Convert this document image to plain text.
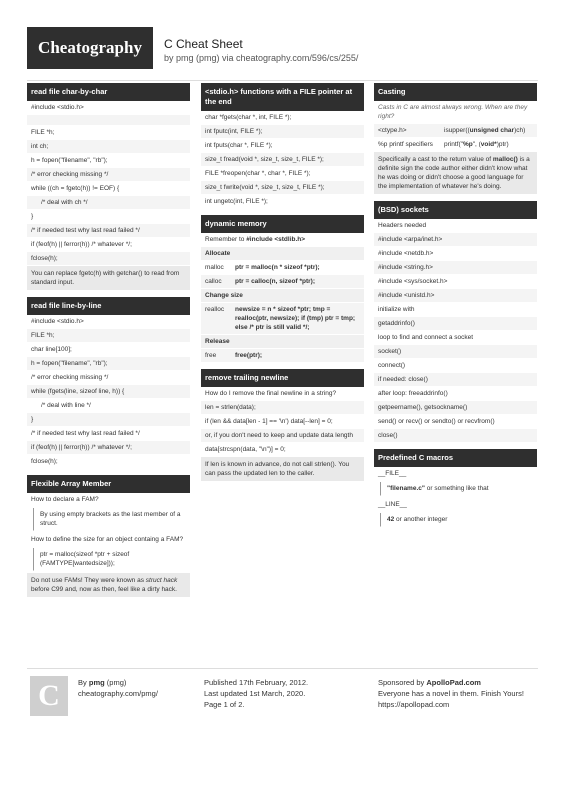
Cheatography	C Cheat Sheet
by pmg (pmg) via cheatography.com/596/cs/255/
read file char-by-char
#include <stdio.h>
FILE *h;
int ch;
h = fopen("filename", "rb");
/* error checking missing */
while ((ch = fgetc(h)) != EOF) {
/* deal with ch */
}
/* if needed test why last read failed */
if (feof(h) || ferror(h)) /* whatever */;
fclose(h);
You can replace fgetc(h) with getchar() to read from standard input.
read file line-by-line
#include <stdio.h>
FILE *h;
char line[100];
h = fopen("filename", "rb");
/* error checking missing */
while (fgets(line, sizeof line, h)) {
/* deal with line */
}
/* if needed test why last read failed */
if (feof(h) || ferror(h)) /* whatever */;
fclose(h);
Flexible Array Member
How to declare a FAM?
By using empty brackets as the last member of a struct.
How to define the size for an object containg a FAM?
ptr = malloc(sizeof *ptr + sizeof (FAMTYPE[wantedsize]));
Do not use FAMs! They were known as struct hack before C99 and, now as then, feel like a dirty hack.
<stdio.h> functions with a FILE pointer at the end
char *fgets(char *, int, FILE *);
int fputc(int, FILE *);
int fputs(char *, FILE *);
size_t fread(void *, size_t, size_t, FILE *);
FILE *freopen(char *, char *, FILE *);
size_t fwrite(void *, size_t, size_t, FILE *);
int ungetc(int, FILE *);
dynamic memory
Remember to #include <stdlib.h>
Allocate
malloc	ptr = malloc(n * sizeof *ptr);
calloc	ptr = calloc(n, sizeof *ptr);
Change size
realloc	newsize = n * sizeof *ptr; tmp = realloc(ptr, newsize); if (tmp) ptr = tmp; else /* ptr is still valid */;
Release
free	free(ptr);
remove trailing newline
How do I remove the final newline in a string?
len = strlen(data);
if (len && data[len - 1] == '\n') data[--len] = 0;
or, if you don't need to keep and update data length
data[strcspn(data, "\n")] = 0;
If len is known in advance, do not call strlen(). You can pass the updated len to the caller.
Casting
Casts in C are almost always wrong. When are they right?
<ctype.h>	isupper((unsigned char)ch)
%p printf specifiers	printf("%p", (void*)ptr)
Specifically a cast to the return value of malloc() is a definite sign the code author either didn't know what he was doing or didn't choose a good language for the implementation of whatever he's doing.
(BSD) sockets
Headers needed
#include <arpa/inet.h>
#include <netdb.h>
#include <string.h>
#include <sys/socket.h>
#include <unistd.h>
initialize with
getaddrinfo()
loop to find and connect a socket
socket()
connect()
if needed: close()
after loop: freeaddrinfo()
getpeername(), getsockname()
send() or recv() or sendto() or recvfrom()
close()
Predefined C macros
__FILE__
"filename.c" or something like that
__LINE__
42 or another integer
C	By pmg (pmg)
cheatography.com/pmg/
Published 17th February, 2012.
Last updated 1st March, 2020.
Page 1 of 2.
Sponsored by ApolloPad.com
Everyone has a novel in them. Finish Yours!
https://apollopad.com
